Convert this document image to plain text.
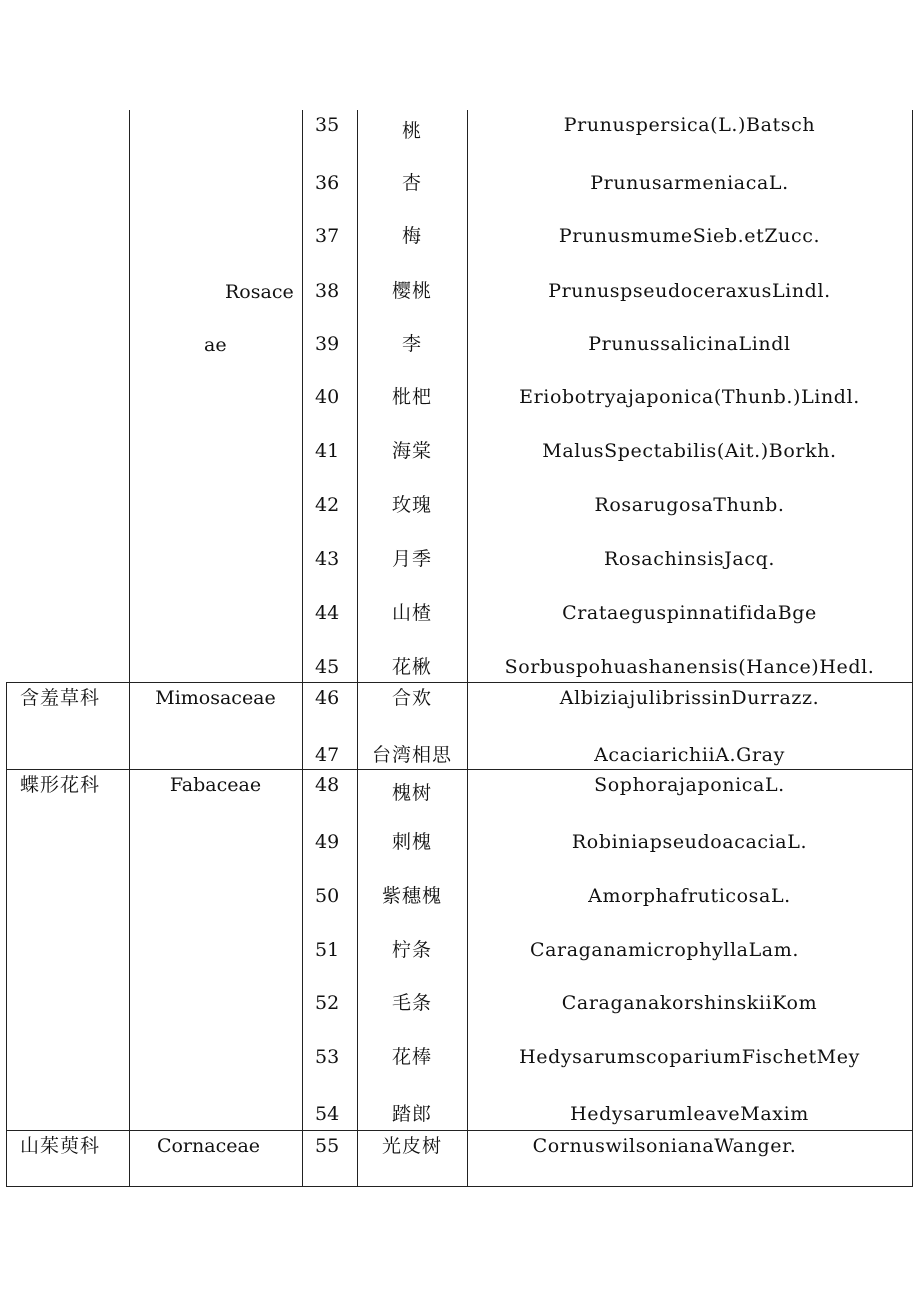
Rosace
ae
35	桃	Prunuspersica(L.)Batsch
36	杏	PrunusarmeniacaL.
37	梅	PrunusmumeSieb.etZucc.
38	樱桃	PrunuspseudoceraxusLindl.
39	李	PrunussalicinaLindl
40	枇杷	Eriobotryajaponica(Thunb.)Lindl.
41	海棠	MalusSpectabilis(Ait.)Borkh.
42	玫瑰	RosarugosaThunb.
43	月季	RosachinsisJacq.
44	山楂	CrataeguspinnatifidaBge
45	花楸	Sorbuspohuashanensis(Hance)Hedl.
含羞草科	Mimosaceae	46	合欢	AlbiziajulibrissinDurrazz.
47	台湾相思	AcaciarichiiA.Gray
蝶形花科	Fabaceae	48	槐树	SophorajaponicaL.
49	刺槐	RobiniapseudoacaciaL.
50	紫穗槐	AmorphafruticosaL.
51	柠条	CaraganamicrophyllaLam.
52	毛条	CaraganakorshinskiiKom
53	花棒	HedysarumscopariumFischetMey
54	踏郎	HedysarumleaveMaxim
山茱萸科	Cornaceae	55	光皮树	CornuswilsonianaWanger.
